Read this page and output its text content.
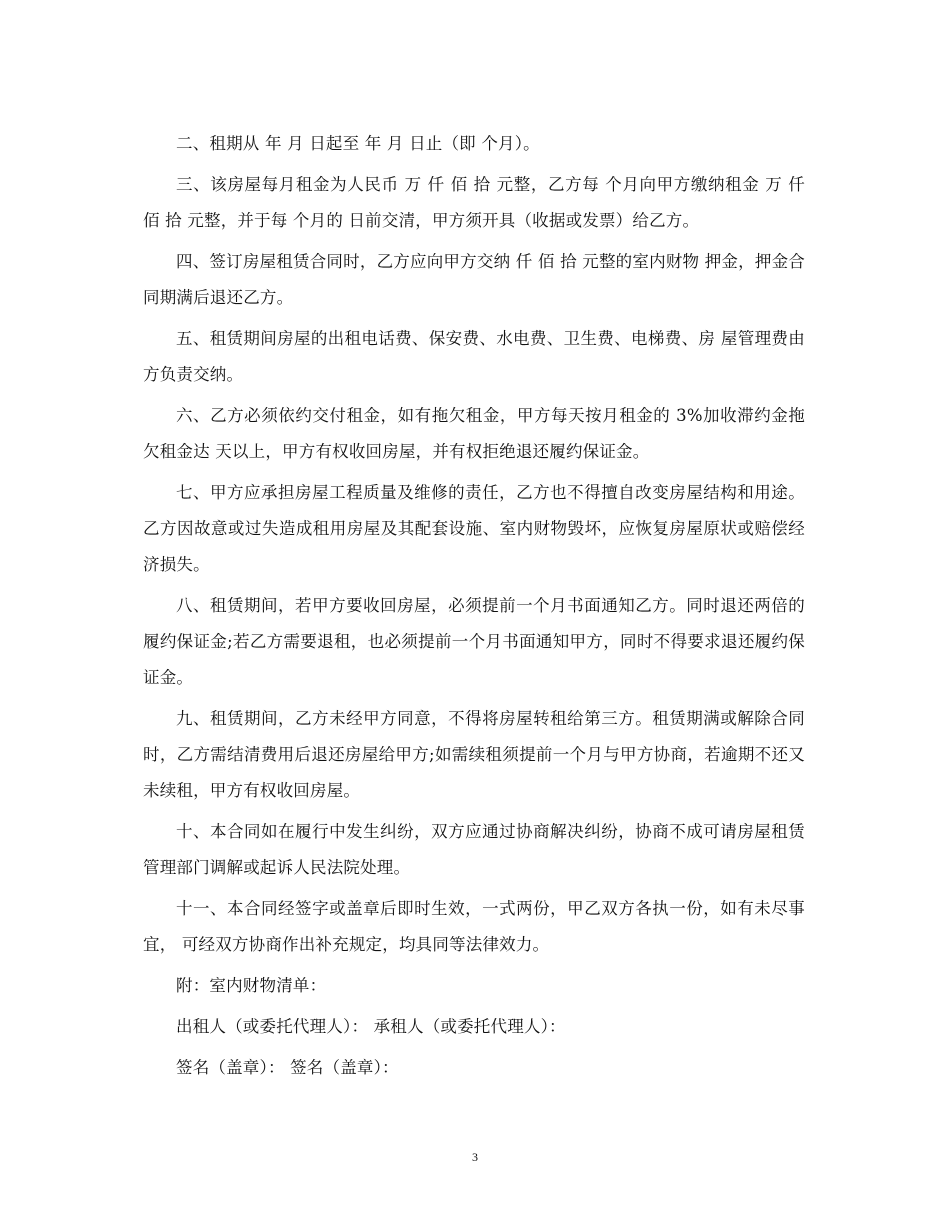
二、租期从 年 月 日起至 年 月 日止（即 个月）。

三、该房屋每月租金为人民币 万 仟 佰 拾 元整，乙方每 个月向甲方缴纳租金 万 仟 佰 拾 元整，并于每 个月的 日前交清，甲方须开具（收据或发票）给乙方。

四、签订房屋租赁合同时，乙方应向甲方交纳 仟 佰 拾 元整的室内财物 押金，押金合同期满后退还乙方。

五、租赁期间房屋的出租电话费、保安费、水电费、卫生费、电梯费、房 屋管理费由 方负责交纳。

六、乙方必须依约交付租金，如有拖欠租金，甲方每天按月租金的 3%加收滞约金拖欠租金达 天以上，甲方有权收回房屋，并有权拒绝退还履约保证金。

七、甲方应承担房屋工程质量及维修的责任，乙方也不得擅自改变房屋结构和用途。乙方因故意或过失造成租用房屋及其配套设施、室内财物毁坏，应恢复房屋原状或赔偿经济损失。

八、租赁期间，若甲方要收回房屋，必须提前一个月书面通知乙方。同时退还两倍的履约保证金;若乙方需要退租，也必须提前一个月书面通知甲方，同时不得要求退还履约保证金。

九、租赁期间，乙方未经甲方同意，不得将房屋转租给第三方。租赁期满或解除合同时，乙方需结清费用后退还房屋给甲方;如需续租须提前一个月与甲方协商，若逾期不还又未续租，甲方有权收回房屋。

十、本合同如在履行中发生纠纷，双方应通过协商解决纠纷，协商不成可请房屋租赁管理部门调解或起诉人民法院处理。

十一、本合同经签字或盖章后即时生效，一式两份，甲乙双方各执一份，如有未尽事宜， 可经双方协商作出补充规定，均具同等法律效力。

附：室内财物清单：

出租人（或委托代理人）： 承租人（或委托代理人）：

签名（盖章）： 签名（盖章）：

3
